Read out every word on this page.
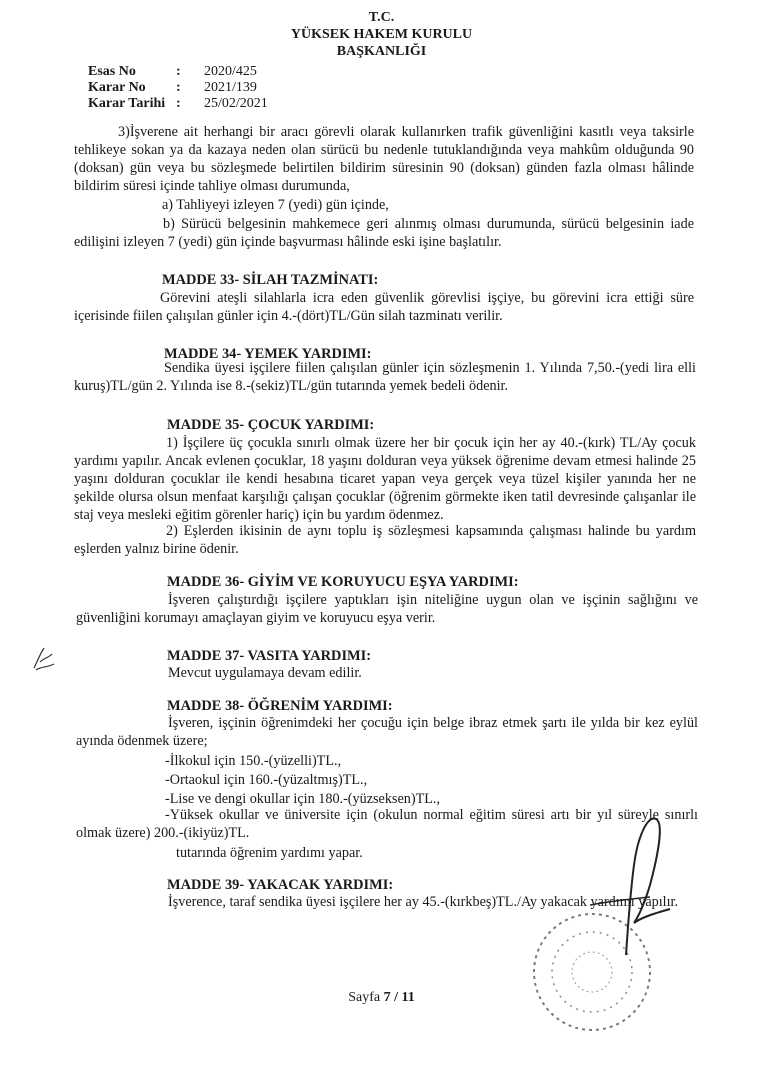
T.C.
YÜKSEK HAKEM KURULU
BAŞKANLIĞI
Esas No	:	2020/425
Karar No	:	2021/139
Karar Tarihi :	25/02/2021
3)İşverene ait herhangi bir aracı görevli olarak kullanırken trafik güvenliğini kasıtlı veya taksirle tehlikeye sokan ya da kazaya neden olan sürücü bu nedenle tutuklandığında veya mahkûm olduğunda 90 (doksan) gün veya bu sözleşmede belirtilen bildirim süresinin 90 (doksan) günden fazla olması hâlinde bildirim süresi içinde tahliye olması durumunda,
a) Tahliyeyi izleyen 7 (yedi) gün içinde,
b) Sürücü belgesinin mahkemece geri alınmış olması durumunda, sürücü belgesinin iade edilişini izleyen 7 (yedi) gün içinde başvurması hâlinde eski işine başlatılır.
MADDE 33- SİLAH TAZMİNATI:
Görevini ateşli silahlarla icra eden güvenlik görevlisi işçiye, bu görevini icra ettiği süre içerisinde fiilen çalışılan günler için 4.-(dört)TL/Gün silah tazminatı verilir.
MADDE 34- YEMEK YARDIMI:
Sendika üyesi işçilere fiilen çalışılan günler için sözleşmenin 1. Yılında 7,50.-(yedi lira elli kuruş)TL/gün 2. Yılında ise 8.-(sekiz)TL/gün tutarında yemek bedeli ödenir.
MADDE 35- ÇOCUK YARDIMI:
1) İşçilere üç çocukla sınırlı olmak üzere her bir çocuk için her ay 40.-(kırk) TL/Ay çocuk yardımı yapılır. Ancak evlenen çocuklar, 18 yaşını dolduran veya yüksek öğrenime devam etmesi halinde 25 yaşını dolduran çocuklar ile kendi hesabına ticaret yapan veya gerçek veya tüzel kişiler yanında her ne şekilde olursa olsun menfaat karşılığı çalışan çocuklar (öğrenim görmekte iken tatil devresinde çalışanlar ile staj veya mesleki eğitim görenler hariç) için bu yardım ödenmez.
2) Eşlerden ikisinin de aynı toplu iş sözleşmesi kapsamında çalışması halinde bu yardım eşlerden yalnız birine ödenir.
MADDE 36- GİYİM VE KORUYUCU EŞYA YARDIMI:
İşveren çalıştırdığı işçilere yaptıkları işin niteliğine uygun olan ve işçinin sağlığını ve güvenliğini korumayı amaçlayan giyim ve koruyucu eşya verir.
MADDE 37- VASITA YARDIMI:
Mevcut uygulamaya devam edilir.
MADDE 38- ÖĞRENİM YARDIMI:
İşveren, işçinin öğrenimdeki her çocuğu için belge ibraz etmek şartı ile yılda bir kez eylül ayında ödenmek üzere;
-İlkokul için 150.-(yüzelli)TL.,
-Ortaokul için 160.-(yüzaltmış)TL.,
-Lise ve dengi okullar için 180.-(yüzseksen)TL.,
-Yüksek okullar ve üniversite için (okulun normal eğitim süresi artı bir yıl süreyle sınırlı olmak üzere) 200.-(ikiyüz)TL.
tutarında öğrenim yardımı yapar.
MADDE 39- YAKACAK YARDIMI:
İşverence, taraf sendika üyesi işçilere her ay 45.-(kırkbeş)TL./Ay yakacak yardımı yapılır.
Sayfa 7 / 11
